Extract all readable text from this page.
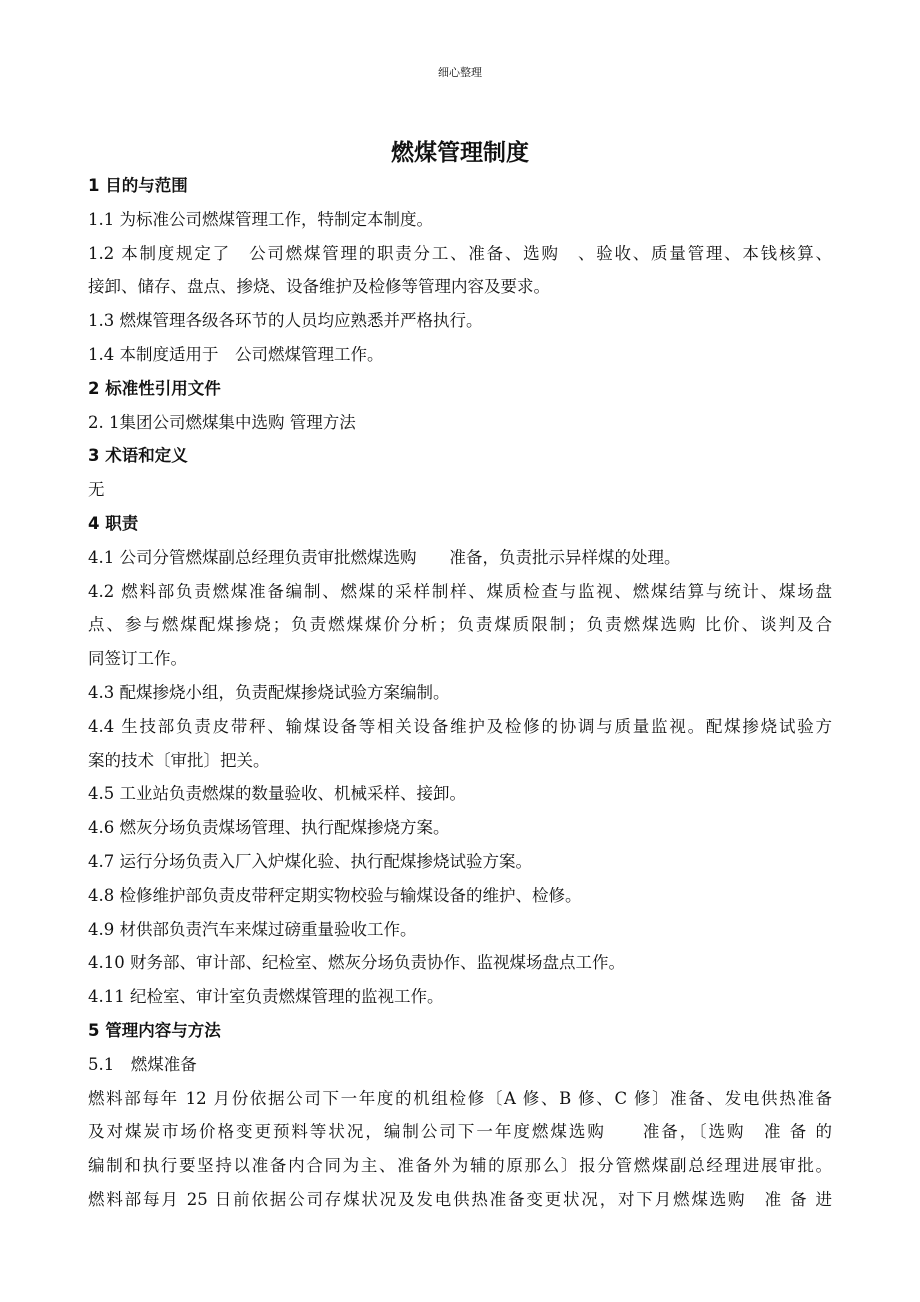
细心整理
燃煤管理制度
1 目的与范围
1.1 为标准公司燃煤管理工作，特制定本制度。
1.2 本制度规定了　公司燃煤管理的职责分工、准备、选购　、验收、质量管理、本钱核算、
接卸、储存、盘点、掺烧、设备维护及检修等管理内容及要求。
1.3 燃煤管理各级各环节的人员均应熟悉并严格执行。
1.4 本制度适用于　公司燃煤管理工作。
2 标准性引用文件
2. 1集团公司燃煤集中选购 管理方法
3 术语和定义
无
4 职责
4.1 公司分管燃煤副总经理负责审批燃煤选购　　准备，负责批示异样煤的处理。
4.2 燃料部负责燃煤准备编制、燃煤的采样制样、煤质检查与监视、燃煤结算与统计、煤场盘
点、参与燃煤配煤掺烧；负责燃煤煤价分析；负责煤质限制；负责燃煤选购 比价、谈判及合
同签订工作。
4.3 配煤掺烧小组，负责配煤掺烧试验方案编制。
4.4 生技部负责皮带秤、输煤设备等相关设备维护及检修的协调与质量监视。配煤掺烧试验方
案的技术〔审批〕把关。
4.5 工业站负责燃煤的数量验收、机械采样、接卸。
4.6 燃灰分场负责煤场管理、执行配煤掺烧方案。
4.7 运行分场负责入厂入炉煤化验、执行配煤掺烧试验方案。
4.8 检修维护部负责皮带秤定期实物校验与输煤设备的维护、检修。
4.9 材供部负责汽车来煤过磅重量验收工作。
4.10 财务部、审计部、纪检室、燃灰分场负责协作、监视煤场盘点工作。
4.11 纪检室、审计室负责燃煤管理的监视工作。
5 管理内容与方法
5.1　燃煤准备
燃料部每年 12 月份依据公司下一年度的机组检修〔A 修、B 修、C 修〕准备、发电供热准备
及对煤炭市场价格变更预料等状况，编制公司下一年度燃煤选购　　准备，〔选购　准 备 的
编制和执行要坚持以准备内合同为主、准备外为辅的原那么〕报分管燃煤副总经理进展审批。
燃料部每月 25 日前依据公司存煤状况及发电供热准备变更状况，对下月燃煤选购　准 备 进
